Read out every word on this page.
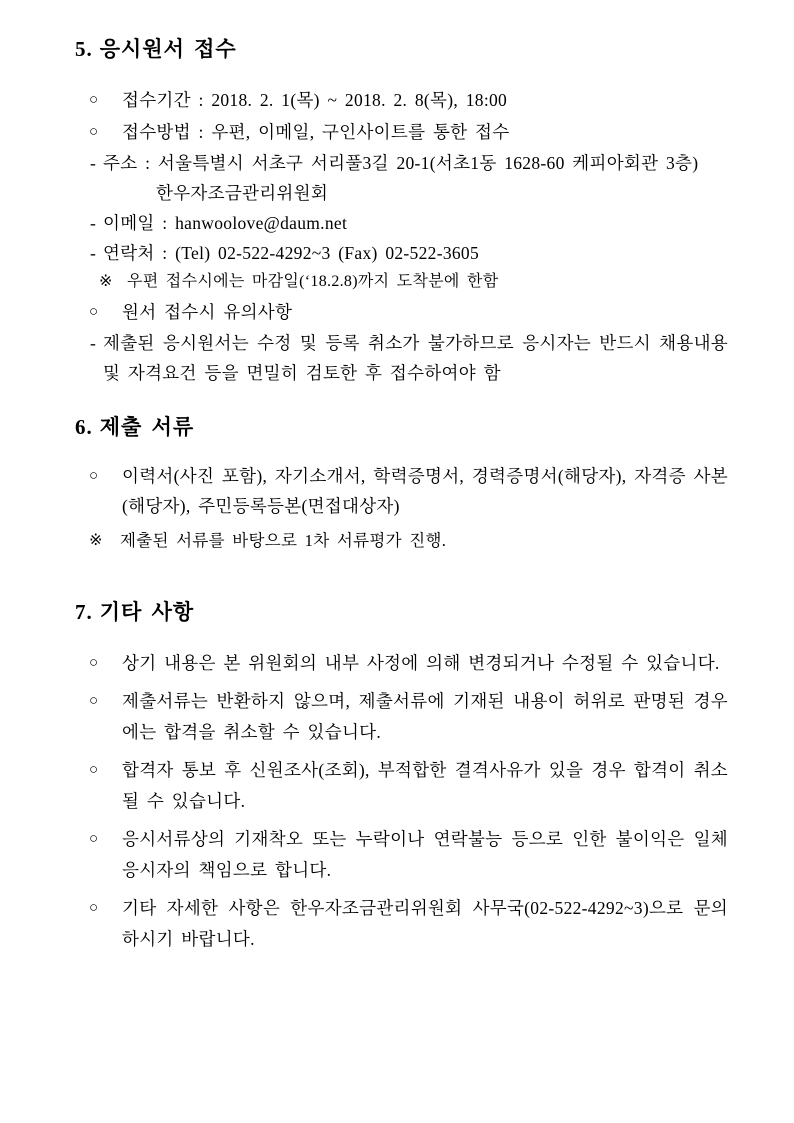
5. 응시원서 접수
○	접수기간 : 2018. 2. 1(목) ~ 2018. 2. 8(목), 18:00
○	접수방법 : 우편, 이메일, 구인사이트를 통한 접수
- 주소 : 서울특별시 서초구 서리풀3길 20-1(서초1동 1628-60 케피아회관 3층)
한우자조금관리위원회
- 이메일 : hanwoolove@daum.net
- 연락처 : (Tel) 02-522-4292~3 (Fax) 02-522-3605
※ 우편 접수시에는 마감일(‘18.2.8)까지 도착분에 한함
○	원서 접수시 유의사항
- 제출된 응시원서는 수정 및 등록 취소가 불가하므로 응시자는 반드시 채용내용 및 자격요건 등을 면밀히 검토한 후 접수하여야 함
6. 제출 서류
○	이력서(사진 포함), 자기소개서, 학력증명서, 경력증명서(해당자), 자격증 사본(해당자), 주민등록등본(면접대상자)
※	제출된 서류를 바탕으로 1차 서류평가 진행.
7. 기타 사항
○	상기 내용은 본 위원회의 내부 사정에 의해 변경되거나 수정될 수 있습니다.
○	제출서류는 반환하지 않으며, 제출서류에 기재된 내용이 허위로 판명된 경우에는 합격을 취소할 수 있습니다.
○	합격자 통보 후 신원조사(조회), 부적합한 결격사유가 있을 경우 합격이 취소될 수 있습니다.
○	응시서류상의 기재착오 또는 누락이나 연락불능 등으로 인한 불이익은 일체 응시자의 책임으로 합니다.
○	기타 자세한 사항은 한우자조금관리위원회 사무국(02-522-4292~3)으로 문의하시기 바랍니다.
